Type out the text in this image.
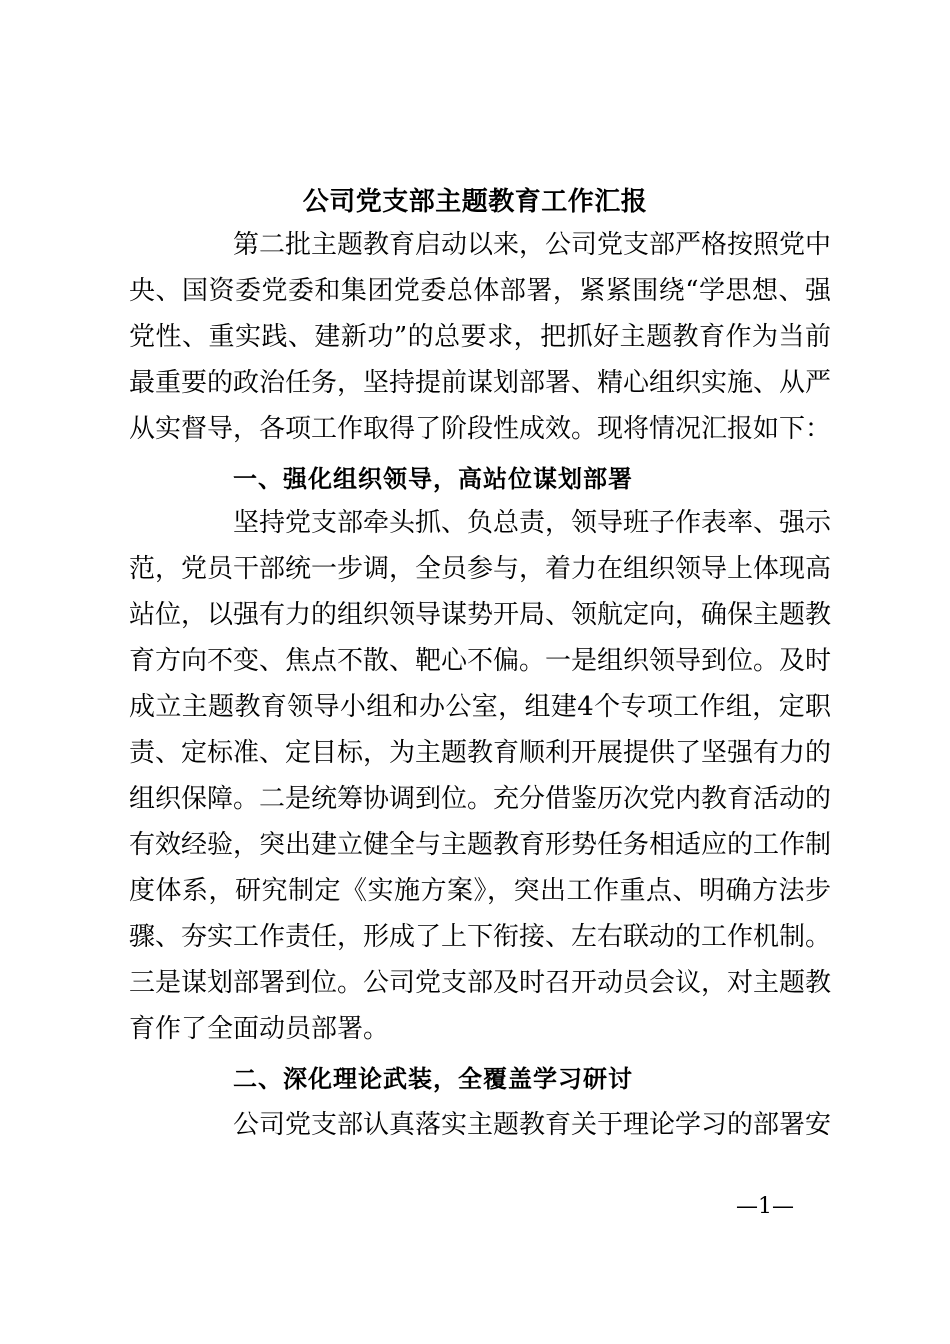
公司党支部主题教育工作汇报
第二批主题教育启动以来，公司党支部严格按照党中
央、国资委党委和集团党委总体部署，紧紧围绕“学思想、强
党性、重实践、建新功”的总要求，把抓好主题教育作为当前
最重要的政治任务，坚持提前谋划部署、精心组织实施、从严
从实督导，各项工作取得了阶段性成效。现将情况汇报如下：
一、强化组织领导，高站位谋划部署
坚持党支部牵头抓、负总责，领导班子作表率、强示
范，党员干部统一步调，全员参与，着力在组织领导上体现高
站位，以强有力的组织领导谋势开局、领航定向，确保主题教
育方向不变、焦点不散、靶心不偏。一是组织领导到位。及时
成立主题教育领导小组和办公室，组建4个专项工作组，定职
责、定标准、定目标，为主题教育顺利开展提供了坚强有力的
组织保障。二是统筹协调到位。充分借鉴历次党内教育活动的
有效经验，突出建立健全与主题教育形势任务相适应的工作制
度体系，研究制定《实施方案》，突出工作重点、明确方法步
骤、夯实工作责任，形成了上下衔接、左右联动的工作机制。
三是谋划部署到位。公司党支部及时召开动员会议，对主题教
育作了全面动员部署。
二、深化理论武装，全覆盖学习研讨
公司党支部认真落实主题教育关于理论学习的部署安
—1—
